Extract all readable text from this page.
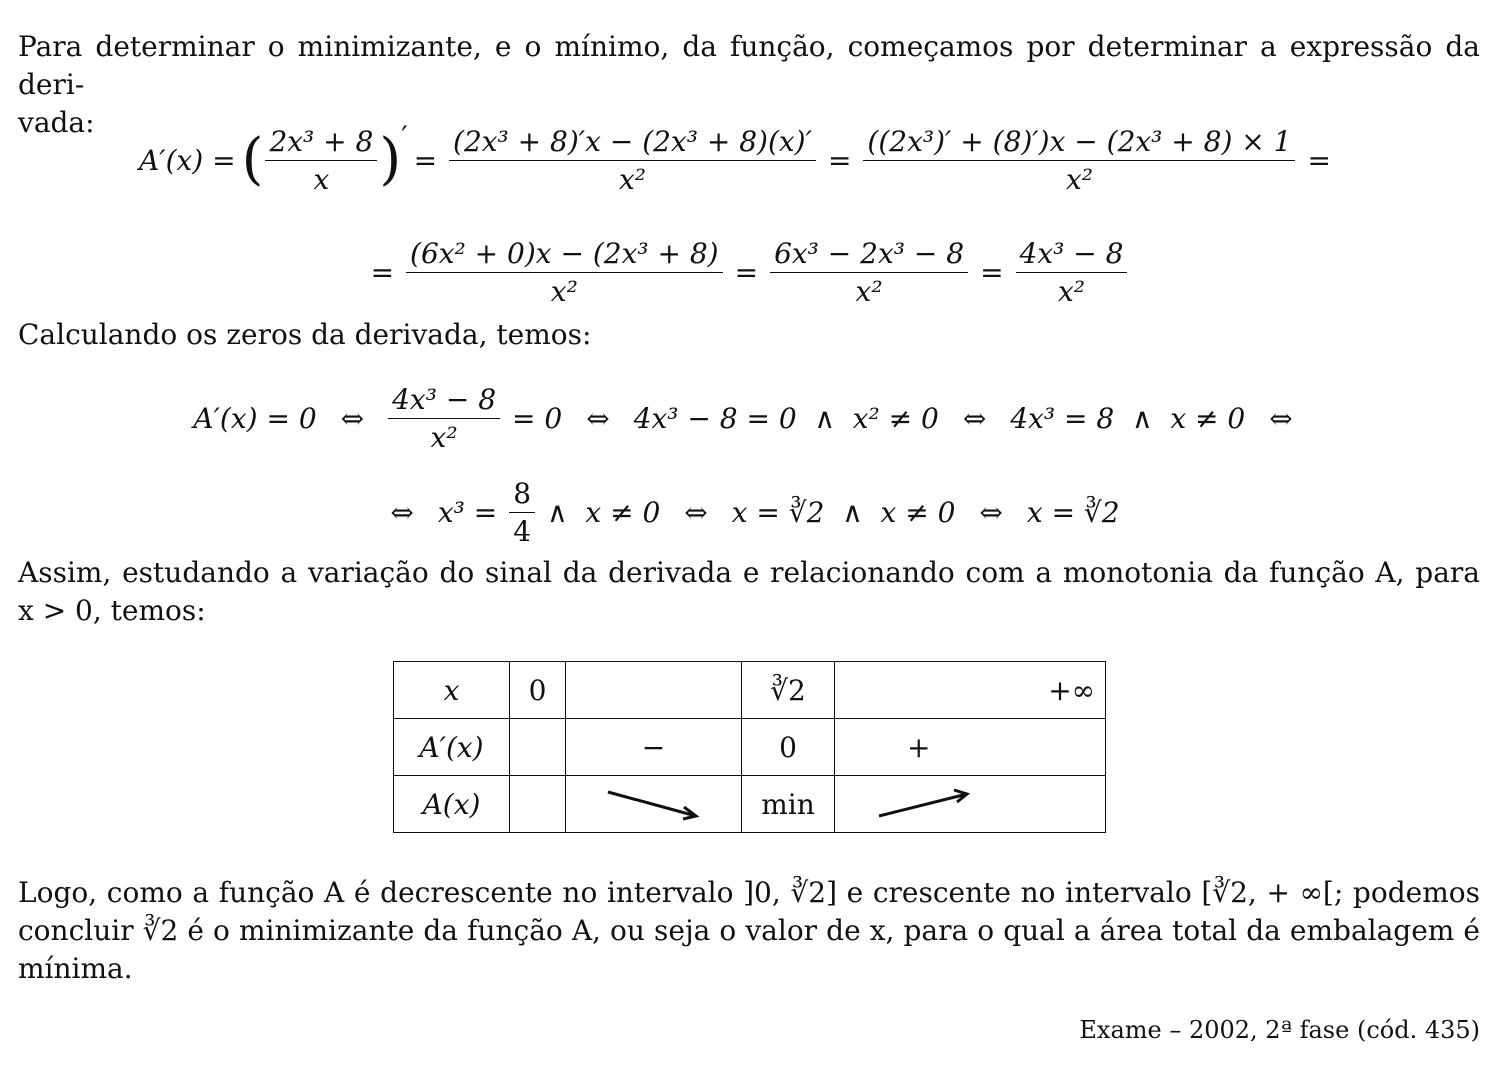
Para determinar o minimizante, e o mínimo, da função, começamos por determinar a expressão da deri-
vada:

A′(x) = ( $\frac{\text{2x³ + 8}}{x}$ ) ′
= $\frac{\text{(2x³ + 8)′x − (2x³ + 8)(x)′}}{\text{x²}} = \frac{\text{((2x³)′ + (8)′)x − (2x³ + 8) × 1}}{\text{x²}}$ =
= $\frac{\text{(6x² + 0)x − (2x³ + 8)}}{\text{x²}} = \frac{\text{6x³ − 2x³ − 8}}{\text{x²}} = \frac{\text{4x³ − 8}}{\text{x²}}$

Calculando os zeros da derivada, temos:

A′(x) = 0 ⇔ $\frac{\text{4x³ − 8}}{\text{x²}} = 0$ ⇔ 4x³ − 8 = 0  ∧  x² ≠ 0 ⇔ 4x³ = 8  ∧  x ≠ 0 ⇔
⇔ $x^3 = \frac{8}{4}$ ∧  x ≠ 0 ⇔ x = ∛2  ∧  x ≠ 0 ⇔ x = ∛2

Assim, estudando a variação do sinal da derivada e relacionando com a monotonia da função A, para
x > 0, temos:

x	0		∛2	+∞
A′(x)		−	0	+
A(x)			min	

Logo, como a função A é decrescente no intervalo ]0, ∛2] e crescente no intervalo [∛2, + ∞[; podemos
concluir ∛2 é o minimizante da função A, ou seja o valor de x, para o qual a área total da embalagem é
mínima.

Exame – 2002, 2ª fase (cód. 435)
